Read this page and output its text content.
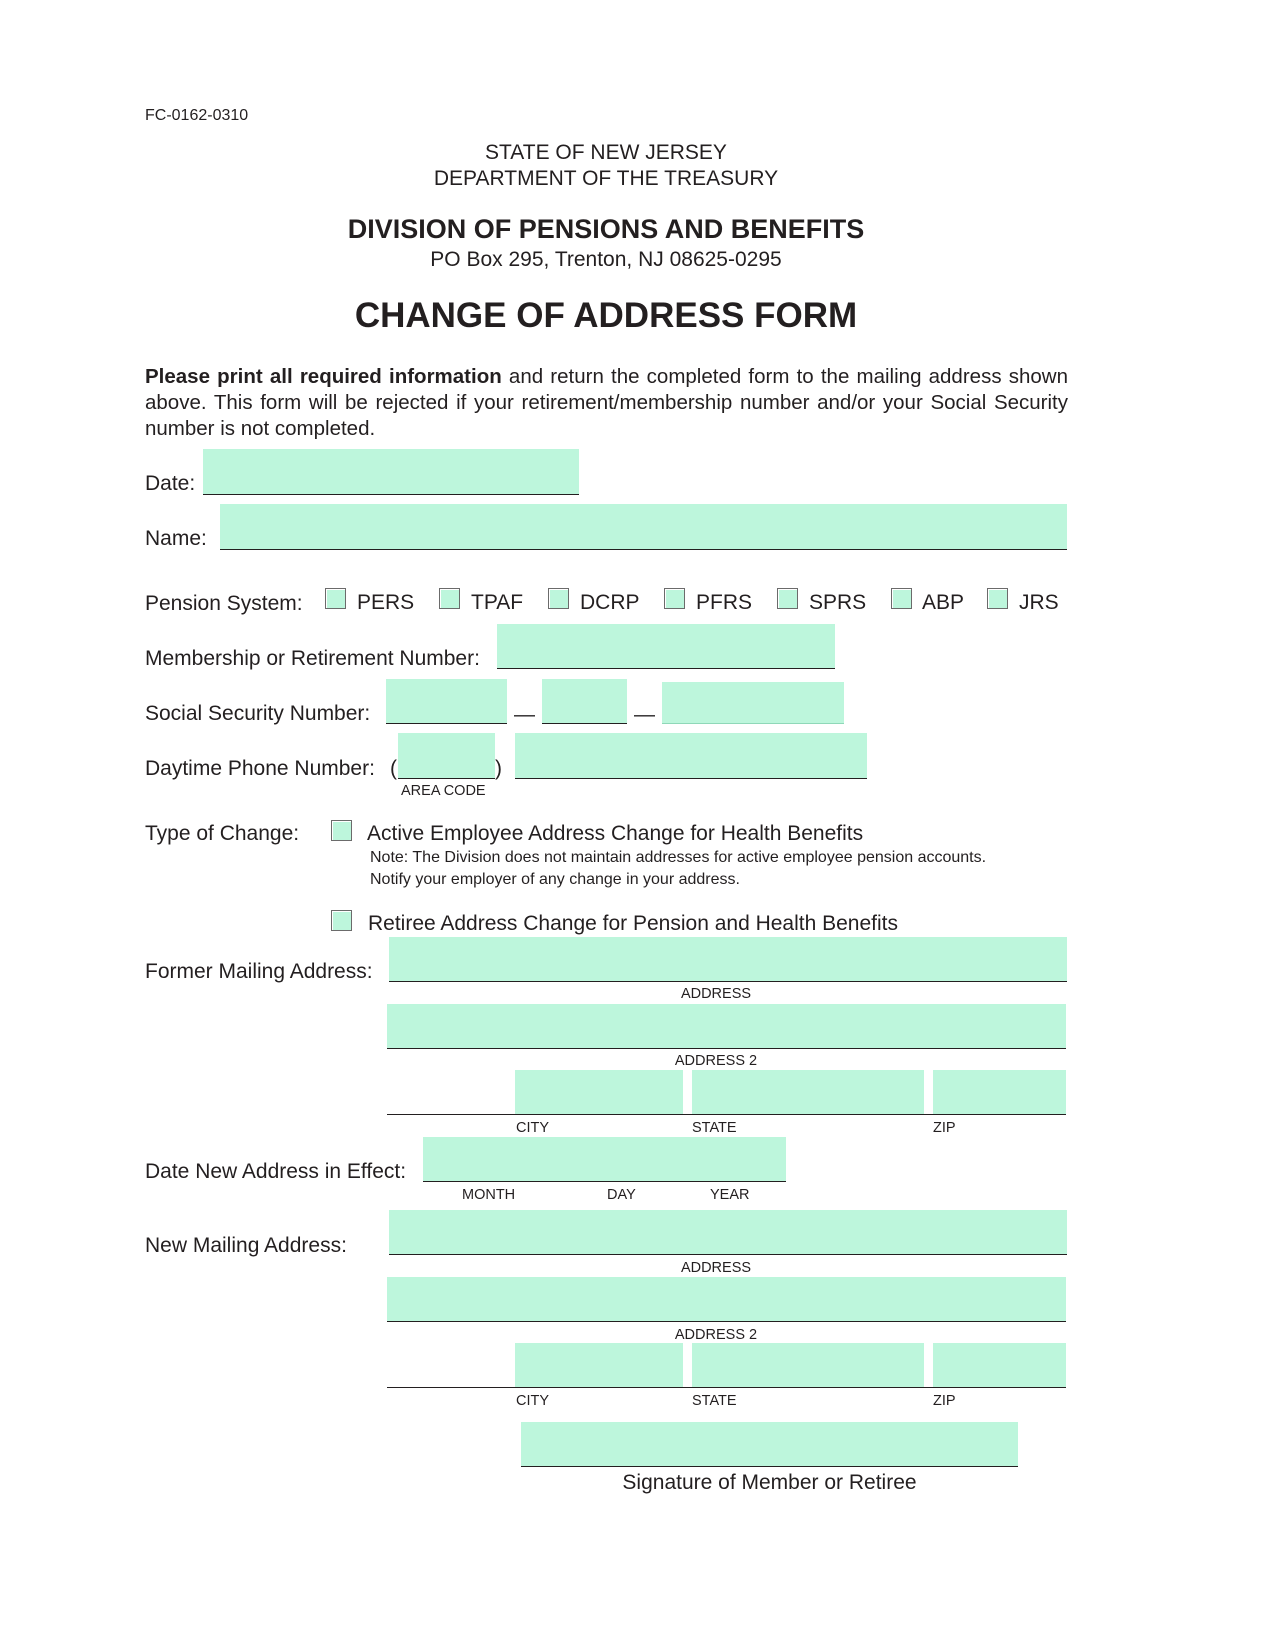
FC-0162-0310
STATE OF NEW JERSEY
DEPARTMENT OF THE TREASURY
DIVISION OF PENSIONS AND BENEFITS
PO Box 295, Trenton, NJ 08625-0295
CHANGE OF ADDRESS FORM
Please print all required information and return the completed form to the mailing address shown above. This form will be rejected if your retirement/membership number and/or your Social Security number is not completed.
Date:
Name:
Pension System:	PERS	TPAF	DCRP	PFRS	SPRS	ABP	JRS
Membership or Retirement Number:
Social Security Number:	—	—
Daytime Phone Number: (	)
AREA CODE
Type of Change:	Active Employee Address Change for Health Benefits
Note: The Division does not maintain addresses for active employee pension accounts.
Notify your employer of any change in your address.
Retiree Address Change for Pension and Health Benefits
Former Mailing Address:
ADDRESS
ADDRESS 2
CITY	STATE	ZIP
Date New Address in Effect:
MONTH	DAY	YEAR
New Mailing Address:
ADDRESS
ADDRESS 2
CITY	STATE	ZIP
Signature of Member or Retiree
